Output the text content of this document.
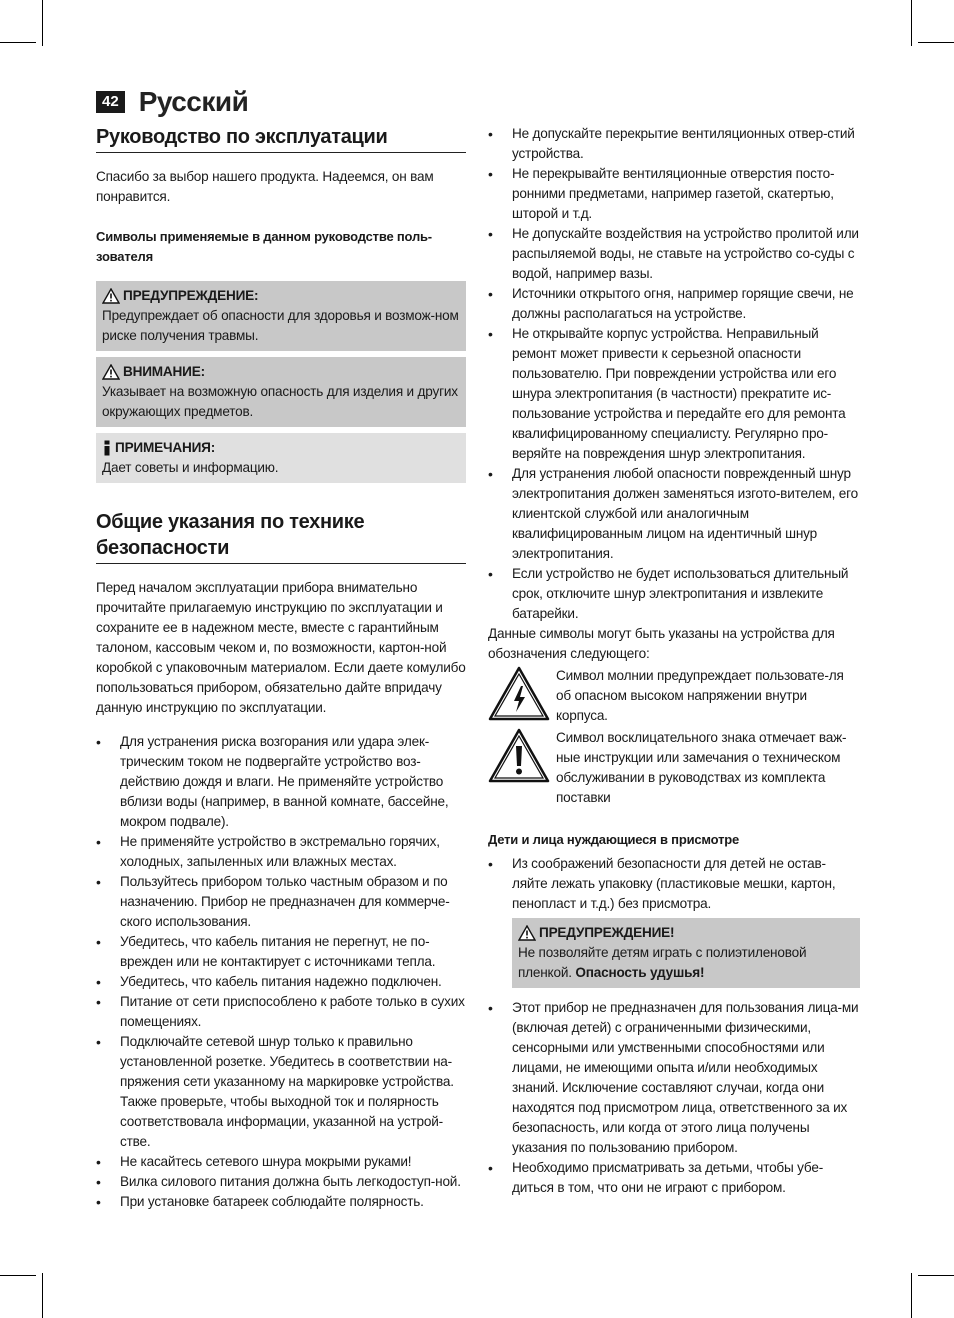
42 Русский
Руководство по эксплуатации

Спасибо за выбор нашего продукта. Надеемся, он вам понравится.

Символы применяемые в данном руководстве поль-зователя
ПРЕДУПРЕЖДЕНИЕ:
Предупреждает об опасности для здоровья и возмож-ном риске получения травмы.
ВНИМАНИЕ:
Указывает на возможную опасность для изделия и других окружающих предметов.
ПРИМЕЧАНИЯ:
Дает советы и информацию.
Общие указания по технике безопасности

Перед началом эксплуатации прибора внимательно прочитайте прилагаемую инструкцию по эксплуатации и сохраните ее в надежном месте, вместе с гарантийным талоном, кассовым чеком и, по возможности, картон-ной коробкой с упаковочным материалом. Если даете комулибо попользоваться прибором, обязательно дайте впридачу данную инструкцию по эксплуатации.

• Для устранения риска возгорания или удара элек-трическим током не подвергайте устройство воз-действию дождя и влаги. Не применяйте устройство вблизи воды (например, в ванной комнате, бассейне, мокром подвале).
• Не применяйте устройство в экстремально горячих, холодных, запыленных или влажных местах.
• Пользуйтесь прибором только частным образом и по назначению. Прибор не предназначен для коммерче-ского использования.
• Убедитесь, что кабель питания не перегнут, не по-врежден или не контактирует с источниками тепла.
• Убедитесь, что кабель питания надежно подключен.
• Питание от сети приспособлено к работе только в сухих помещениях.
• Подключайте сетевой шнур только к правильно установленной розетке. Убедитесь в соответствии на-пряжения сети указанному на маркировке устройства. Также проверьте, чтобы выходной ток и полярность соответствовала информации, указанной на устрой-стве.
• Не касайтесь сетевого шнура мокрыми руками!
• Вилка силового питания должна быть легкодоступ-ной.
• При установке батареек соблюдайте полярность.
• Не допускайте перекрытие вентиляционных отвер-стий устройства.
• Не перекрывайте вентиляционные отверстия посто-ронними предметами, например газетой, скатертью, шторой и т.д.
• Не допускайте воздействия на устройство пролитой или распыляемой воды, не ставьте на устройство со-суды с водой, например вазы.
• Источники открытого огня, например горящие свечи, не должны располагаться на устройстве.
• Не открывайте корпус устройства. Неправильный ремонт может привести к серьезной опасности пользователю. При повреждении устройства или его шнура электропитания (в частности) прекратите ис-пользование устройства и передайте его для ремонта квалифицированному специалисту. Регулярно про-веряйте на повреждения шнур электропитания.
• Для устранения любой опасности поврежденный шнур электропитания должен заменяться изгото-вителем, его клиентской службой или аналогичным квалифицированным лицом на идентичный шнур электропитания.
• Если устройство не будет использоваться длительный срок, отключите шнур электропитания и извлеките батарейки.

Данные символы могут быть указаны на устройства для обозначения следующего:

Символ молнии предупреждает пользовате-ля об опасном высоком напряжении внутри корпуса.

Символ восклицательного знака отмечает важ-ные инструкции или замечания о техническом обслуживании в руководствах из комплекта поставки

Дети и лица нуждающиеся в присмотре
• Из соображений безопасности для детей не остав-ляйте лежать упаковку (пластиковые мешки, картон, пенопласт и т.д.) без присмотра.
ПРЕДУПРЕЖДЕНИЕ!
Не позволяйте детям играть с полиэтиленовой пленкой. Опасность удушья!
• Этот прибор не предназначен для пользования лица-ми (включая детей) с ограниченными физическими, сенсорными или умственными способностями или лицами, не имеющими опыта и/или необходимых знаний. Исключение составляют случаи, когда они находятся под присмотром лица, ответственного за их безопасность, или когда от этого лица получены указания по пользованию прибором.
• Необходимо присматривать за детьми, чтобы убе-диться в том, что они не играют с прибором.
